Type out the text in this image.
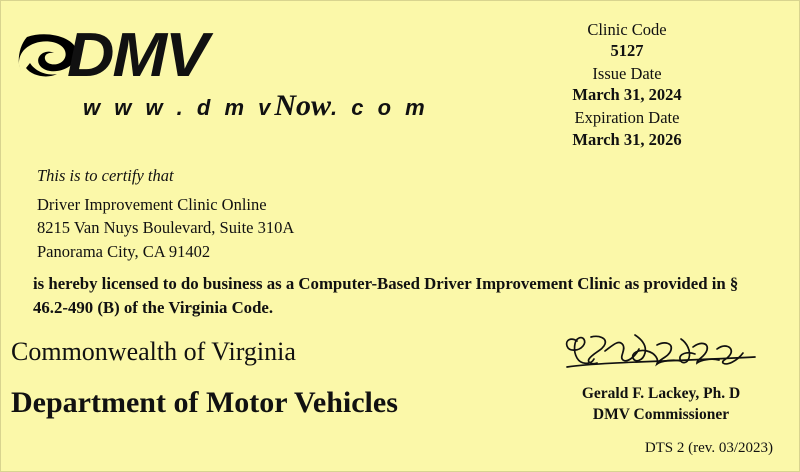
DMV
w w w . d m vNow. c o m
Clinic Code
5127
Issue Date
March 31, 2024
Expiration Date
March 31, 2026
This is to certify that
Driver Improvement Clinic Online
8215 Van Nuys Boulevard, Suite 310A
Panorama City, CA 91402
is hereby licensed to do business as a Computer-Based Driver Improvement Clinic as provided in § 46.2-490 (B) of the Virginia Code.
Commonwealth of Virginia
Department of Motor Vehicles	Gerald F. Lackey, Ph. D
DMV Commissioner
DTS 2 (rev. 03/2023)
